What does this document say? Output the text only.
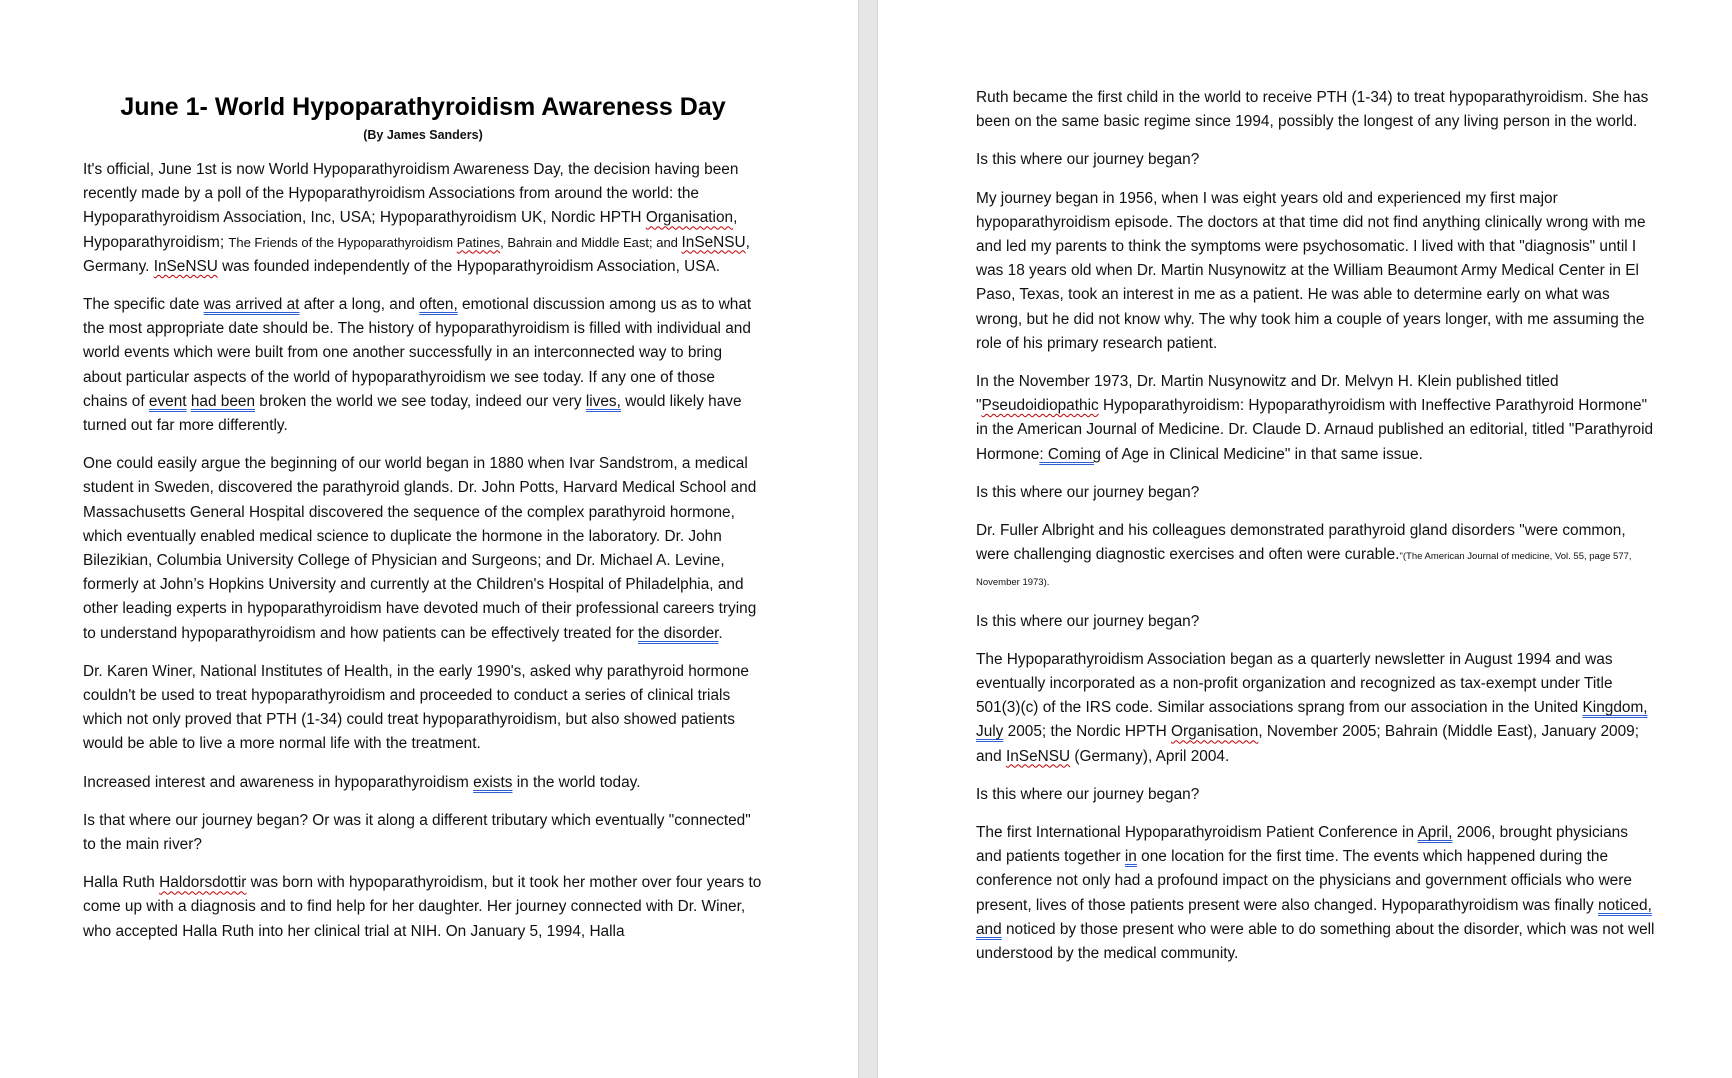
June 1- World Hypoparathyroidism Awareness Day
(By James Sanders)

It's official, June 1st is now World Hypoparathyroidism Awareness Day, the decision having been recently made by a poll of the Hypoparathyroidism Associations from around the world: the Hypoparathyroidism Association, Inc, USA; Hypoparathyroidism UK, Nordic HPTH Organisation, Hypoparathyroidism; The Friends of the Hypoparathyroidism Patines, Bahrain and Middle East; and InSeNSU, Germany. InSeNSU was founded independently of the Hypoparathyroidism Association, USA.

The specific date was arrived at after a long, and often, emotional discussion among us as to what the most appropriate date should be. The history of hypoparathyroidism is filled with individual and world events which were built from one another successfully in an interconnected way to bring about particular aspects of the world of hypoparathyroidism we see today. If any one of those chains of event had been broken the world we see today, indeed our very lives, would likely have turned out far more differently.

One could easily argue the beginning of our world began in 1880 when Ivar Sandstrom, a medical student in Sweden, discovered the parathyroid glands. Dr. John Potts, Harvard Medical School and Massachusetts General Hospital discovered the sequence of the complex parathyroid hormone, which eventually enabled medical science to duplicate the hormone in the laboratory. Dr. John Bilezikian, Columbia University College of Physician and Surgeons; and Dr. Michael A. Levine, formerly at John’s Hopkins University and currently at the Children's Hospital of Philadelphia, and other leading experts in hypoparathyroidism have devoted much of their professional careers trying to understand hypoparathyroidism and how patients can be effectively treated for the disorder.

Dr. Karen Winer, National Institutes of Health, in the early 1990's, asked why parathyroid hormone couldn't be used to treat hypoparathyroidism and proceeded to conduct a series of clinical trials which not only proved that PTH (1-34) could treat hypoparathyroidism, but also showed patients would be able to live a more normal life with the treatment.

Increased interest and awareness in hypoparathyroidism exists in the world today.

Is that where our journey began? Or was it along a different tributary which eventually "connected" to the main river?

Halla Ruth Haldorsdottir was born with hypoparathyroidism, but it took her mother over four years to come up with a diagnosis and to find help for her daughter. Her journey connected with Dr. Winer, who accepted Halla Ruth into her clinical trial at NIH. On January 5, 1994, Halla

Ruth became the first child in the world to receive PTH (1-34) to treat hypoparathyroidism. She has been on the same basic regime since 1994, possibly the longest of any living person in the world.

Is this where our journey began?

My journey began in 1956, when I was eight years old and experienced my first major hypoparathyroidism episode. The doctors at that time did not find anything clinically wrong with me and led my parents to think the symptoms were psychosomatic. I lived with that "diagnosis" until I was 18 years old when Dr. Martin Nusynowitz at the William Beaumont Army Medical Center in El Paso, Texas, took an interest in me as a patient. He was able to determine early on what was wrong, but he did not know why. The why took him a couple of years longer, with me assuming the role of his primary research patient.

In the November 1973, Dr. Martin Nusynowitz and Dr. Melvyn H. Klein published titled "Pseudoidiopathic Hypoparathyroidism: Hypoparathyroidism with Ineffective Parathyroid Hormone" in the American Journal of Medicine. Dr. Claude D. Arnaud published an editorial, titled "Parathyroid Hormone: Coming of Age in Clinical Medicine" in that same issue.

Is this where our journey began?

Dr. Fuller Albright and his colleagues demonstrated parathyroid gland disorders "were common, were challenging diagnostic exercises and often were curable."(The American Journal of medicine, Vol. 55, page 577, November 1973).

Is this where our journey began?

The Hypoparathyroidism Association began as a quarterly newsletter in August 1994 and was eventually incorporated as a non-profit organization and recognized as tax-exempt under Title 501(3)(c) of the IRS code. Similar associations sprang from our association in the United Kingdom, July 2005; the Nordic HPTH Organisation, November 2005; Bahrain (Middle East), January 2009; and InSeNSU (Germany), April 2004.

Is this where our journey began?

The first International Hypoparathyroidism Patient Conference in April, 2006, brought physicians and patients together in one location for the first time. The events which happened during the conference not only had a profound impact on the physicians and government officials who were present, lives of those patients present were also changed. Hypoparathyroidism was finally noticed, and noticed by those present who were able to do something about the disorder, which was not well understood by the medical community.
